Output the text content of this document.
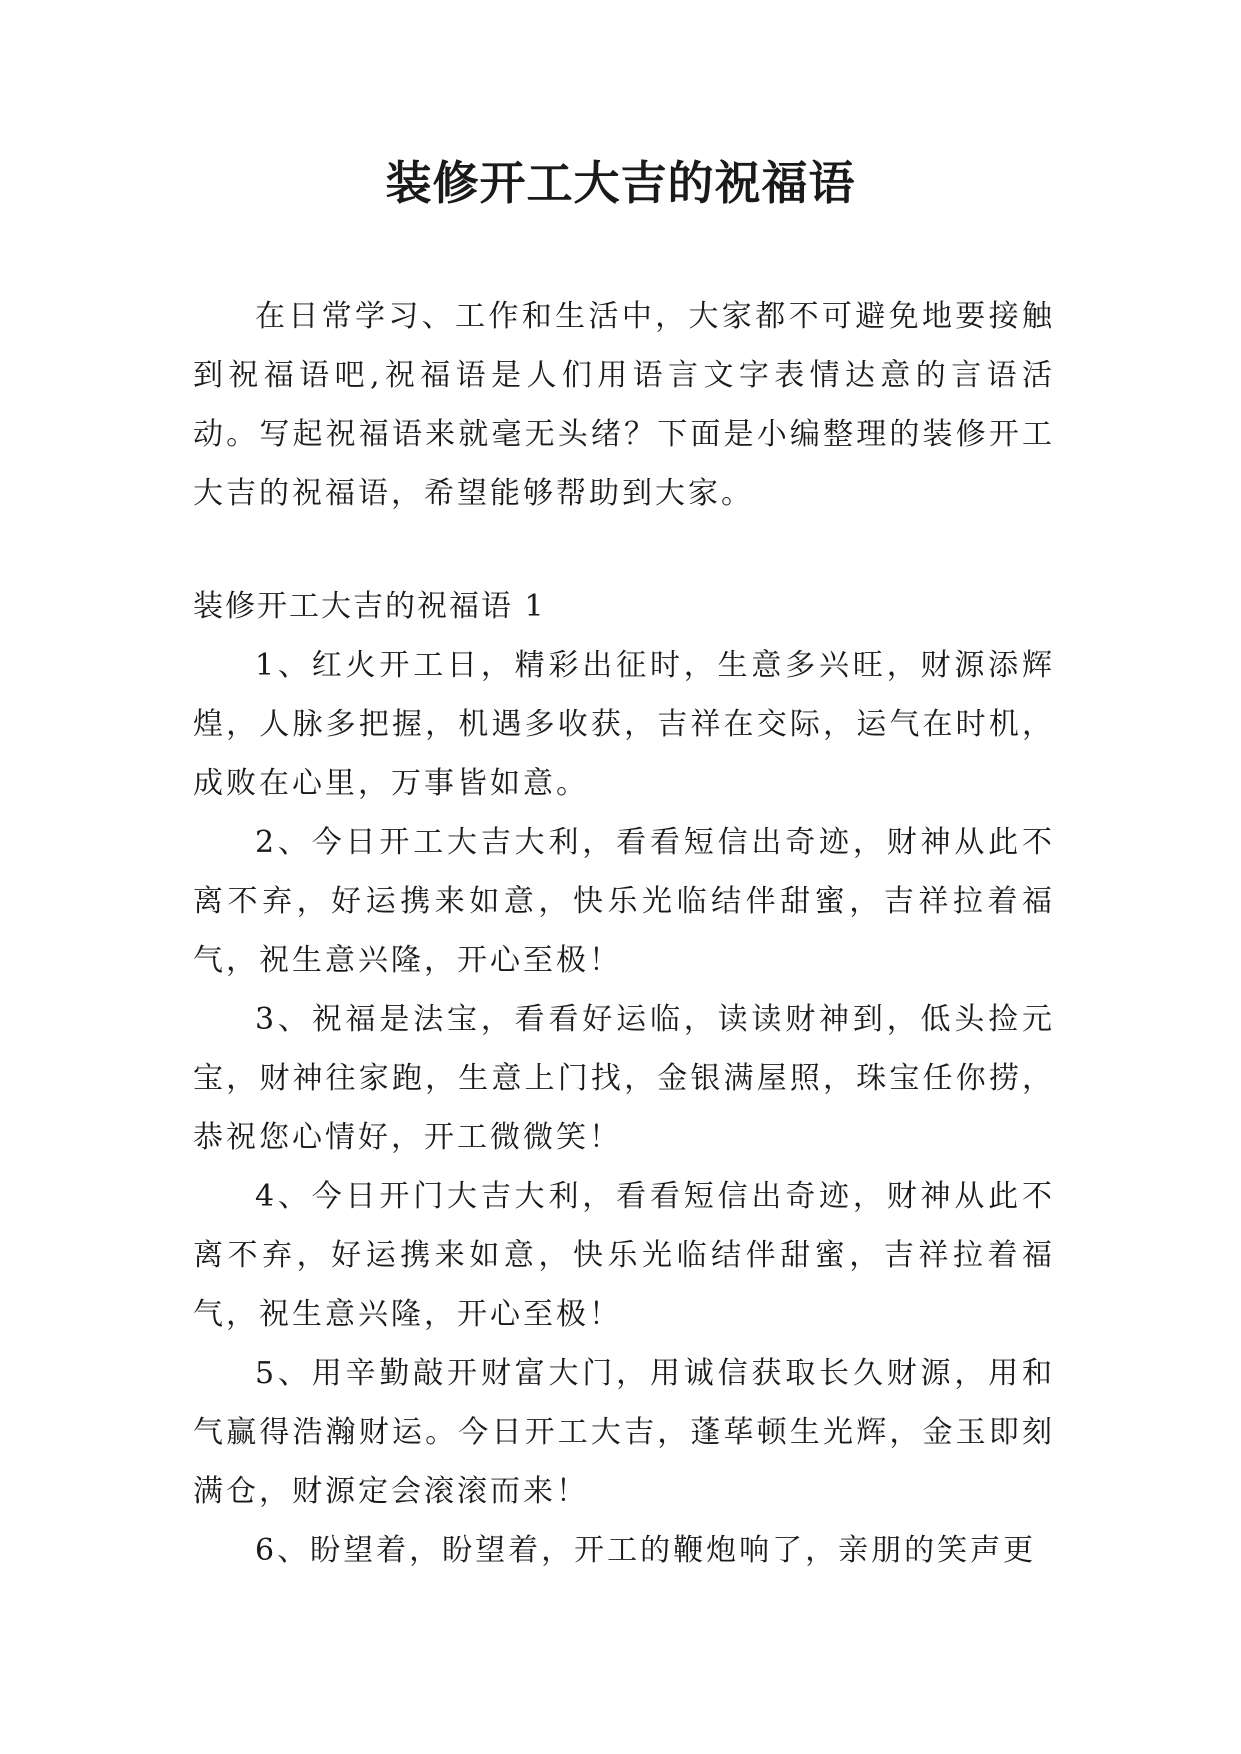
装修开工大吉的祝福语

在日常学习、工作和生活中，大家都不可避免地要接触到祝福语吧,祝福语是人们用语言文字表情达意的言语活动。写起祝福语来就毫无头绪？下面是小编整理的装修开工大吉的祝福语，希望能够帮助到大家。

装修开工大吉的祝福语 1

1、红火开工日，精彩出征时，生意多兴旺，财源添辉煌，人脉多把握，机遇多收获，吉祥在交际，运气在时机，成败在心里，万事皆如意。
2、今日开工大吉大利，看看短信出奇迹，财神从此不离不弃，好运携来如意，快乐光临结伴甜蜜，吉祥拉着福气，祝生意兴隆，开心至极！
3、祝福是法宝，看看好运临，读读财神到，低头捡元宝，财神往家跑，生意上门找，金银满屋照，珠宝任你捞，恭祝您心情好，开工微微笑！
4、今日开门大吉大利，看看短信出奇迹，财神从此不离不弃，好运携来如意，快乐光临结伴甜蜜，吉祥拉着福气，祝生意兴隆，开心至极！
5、用辛勤敲开财富大门，用诚信获取长久财源，用和气赢得浩瀚财运。今日开工大吉，蓬荜顿生光辉，金玉即刻满仓，财源定会滚滚而来！
6、盼望着，盼望着，开工的鞭炮响了，亲朋的笑声更
